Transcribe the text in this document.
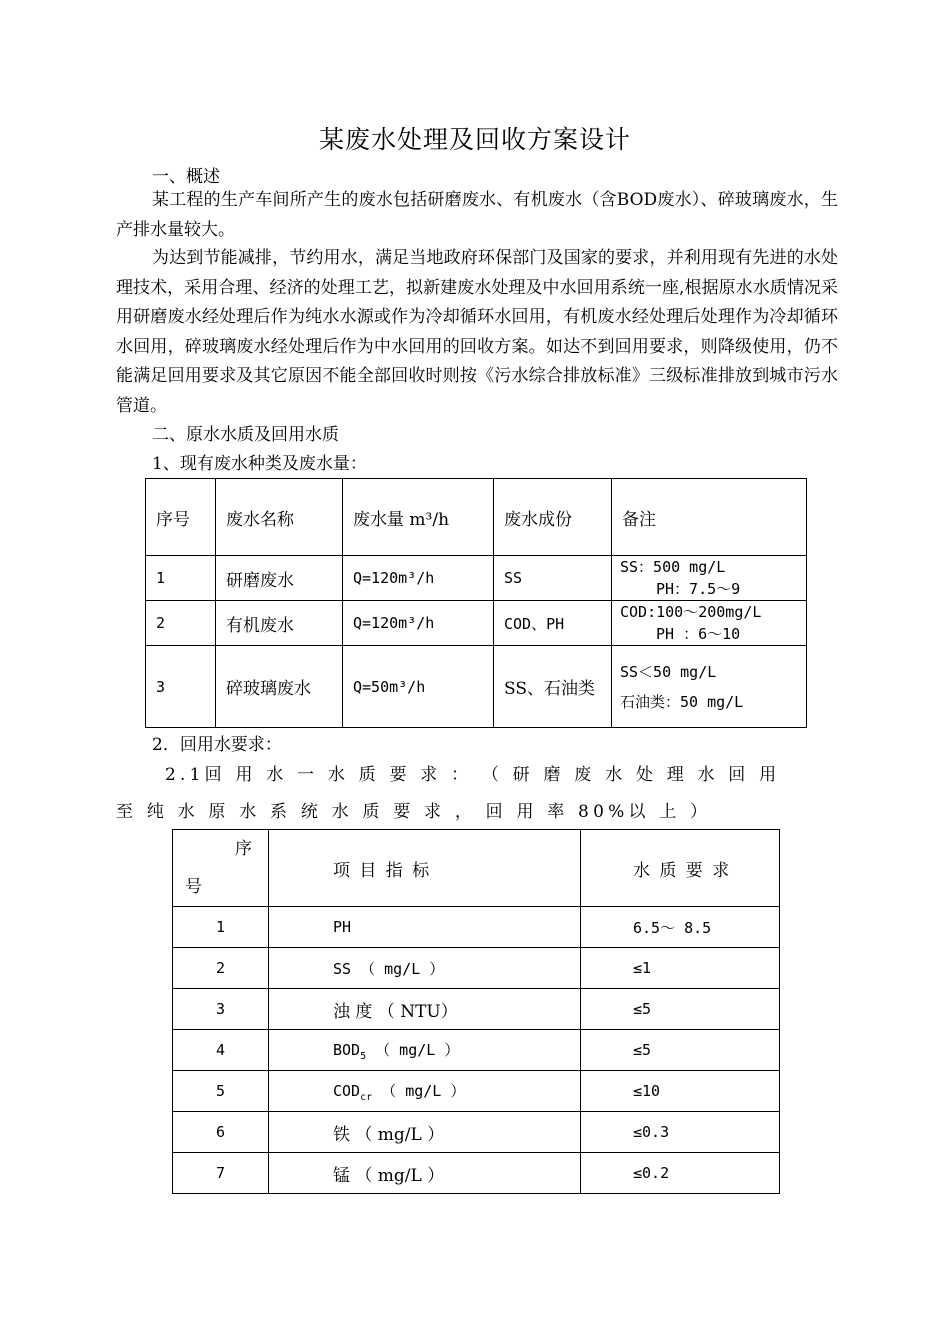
某废水处理及回收方案设计
一、概述
某工程的生产车间所产生的废水包括研磨废水、有机废水（含BOD废水）、碎玻璃废水，生产排水量较大。
为达到节能减排，节约用水，满足当地政府环保部门及国家的要求，并利用现有先进的水处理技术，采用合理、经济的处理工艺，拟新建废水处理及中水回用系统一座,根据原水水质情况采用研磨废水经处理后作为纯水水源或作为冷却循环水回用，有机废水经处理后处理作为冷却循环水回用，碎玻璃废水经处理后作为中水回用的回收方案。如达不到回用要求，则降级使用，仍不能满足回用要求及其它原因不能全部回收时则按《污水综合排放标准》三级标准排放到城市污水管道。
二、原水水质及回用水质
1、现有废水种类及废水量：
序号	废水名称	废水量 m³/h	废水成份	备注
1	研磨废水	Q=120m³/h	SS	SS：500 mg/L
PH：7.5～9

2	有机废水	Q=120m³/h	COD、PH	COD:100～200mg/L
PH ：6～10

3	碎玻璃废水	Q=50m³/h	SS、石油类	SS＜50 mg/L
石油类：50 mg/L
2．回用水要求：
2.1回 用 水 一 水 质 要 求 ： （ 研 磨 废 水 处 理 水 回 用
至 纯 水 原 水 系 统 水 质 要 求 ， 回 用 率 80%以 上 ）
序
号	项 目 指 标	水 质 要 求
1	PH	6.5～ 8.5
2	SS （ mg/L ）	≤1
3	浊 度 （ NTU）	≤5
4	$BOD_5$ （ mg/L ）	≤5
5	$COD_{cr}$ （ mg/L ）	≤10
6	铁 （ mg/L ）	≤0.3
7	锰 （ mg/L ）	≤0.2
